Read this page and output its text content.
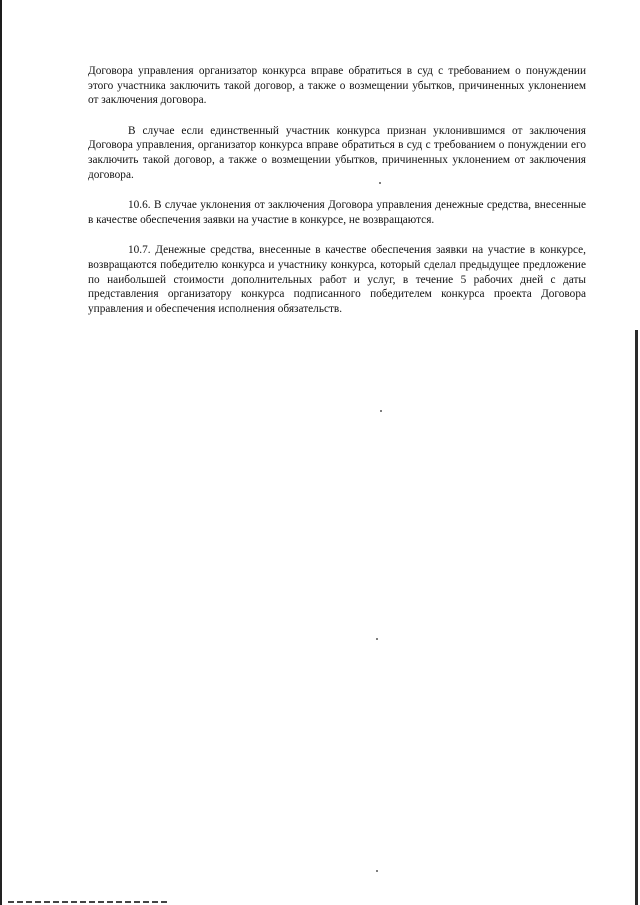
Договора управления организатор конкурса вправе обратиться в суд с требованием о понуждении этого участника заключить такой договор, а также о возмещении убытков, причиненных уклонением от заключения договора.

В случае если единственный участник конкурса признан уклонившимся от заключения Договора управления, организатор конкурса вправе обратиться в суд с требованием о понуждении его заключить такой договор, а также о возмещении убытков, причиненных уклонением от заключения договора.

10.6. В случае уклонения от заключения Договора управления денежные средства, внесенные в качестве обеспечения заявки на участие в конкурсе, не возвращаются.

10.7. Денежные средства, внесенные в качестве обеспечения заявки на участие в конкурсе, возвращаются победителю конкурса и участнику конкурса, который сделал предыдущее предложение по наибольшей стоимости дополнительных работ и услуг, в течение 5 рабочих дней с даты представления организатору конкурса подписанного победителем конкурса проекта Договора управления и обеспечения исполнения обязательств.
